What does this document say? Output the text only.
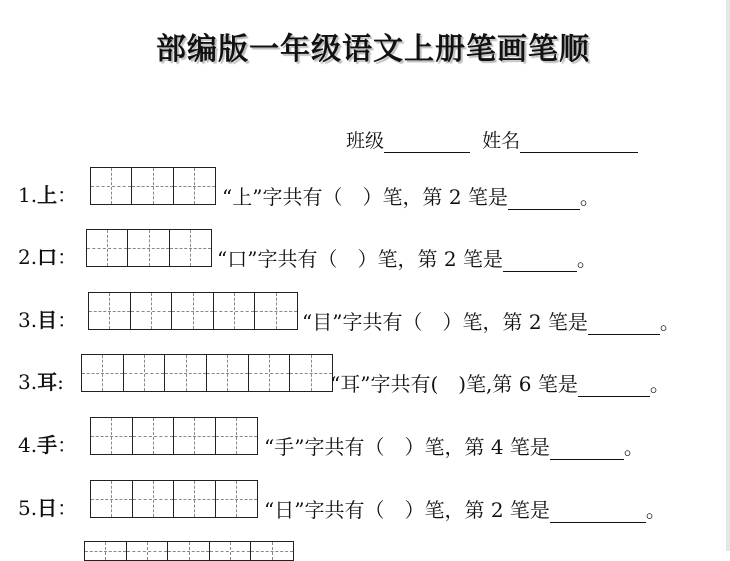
部编版一年级语文上册笔画笔顺
班级	姓名
1.上：	“上”字共有（　）笔，第 2 笔是	。
2.口：	“口”字共有（　）笔，第 2 笔是	。
3.目：	“目”字共有（　）笔，第 2 笔是	。
3.耳:	“耳”字共有(　)笔,第 6 笔是	。
4.手：	“手”字共有（　）笔，第 4 笔是	。
5.日：	“日”字共有（　）笔，第 2 笔是	。
